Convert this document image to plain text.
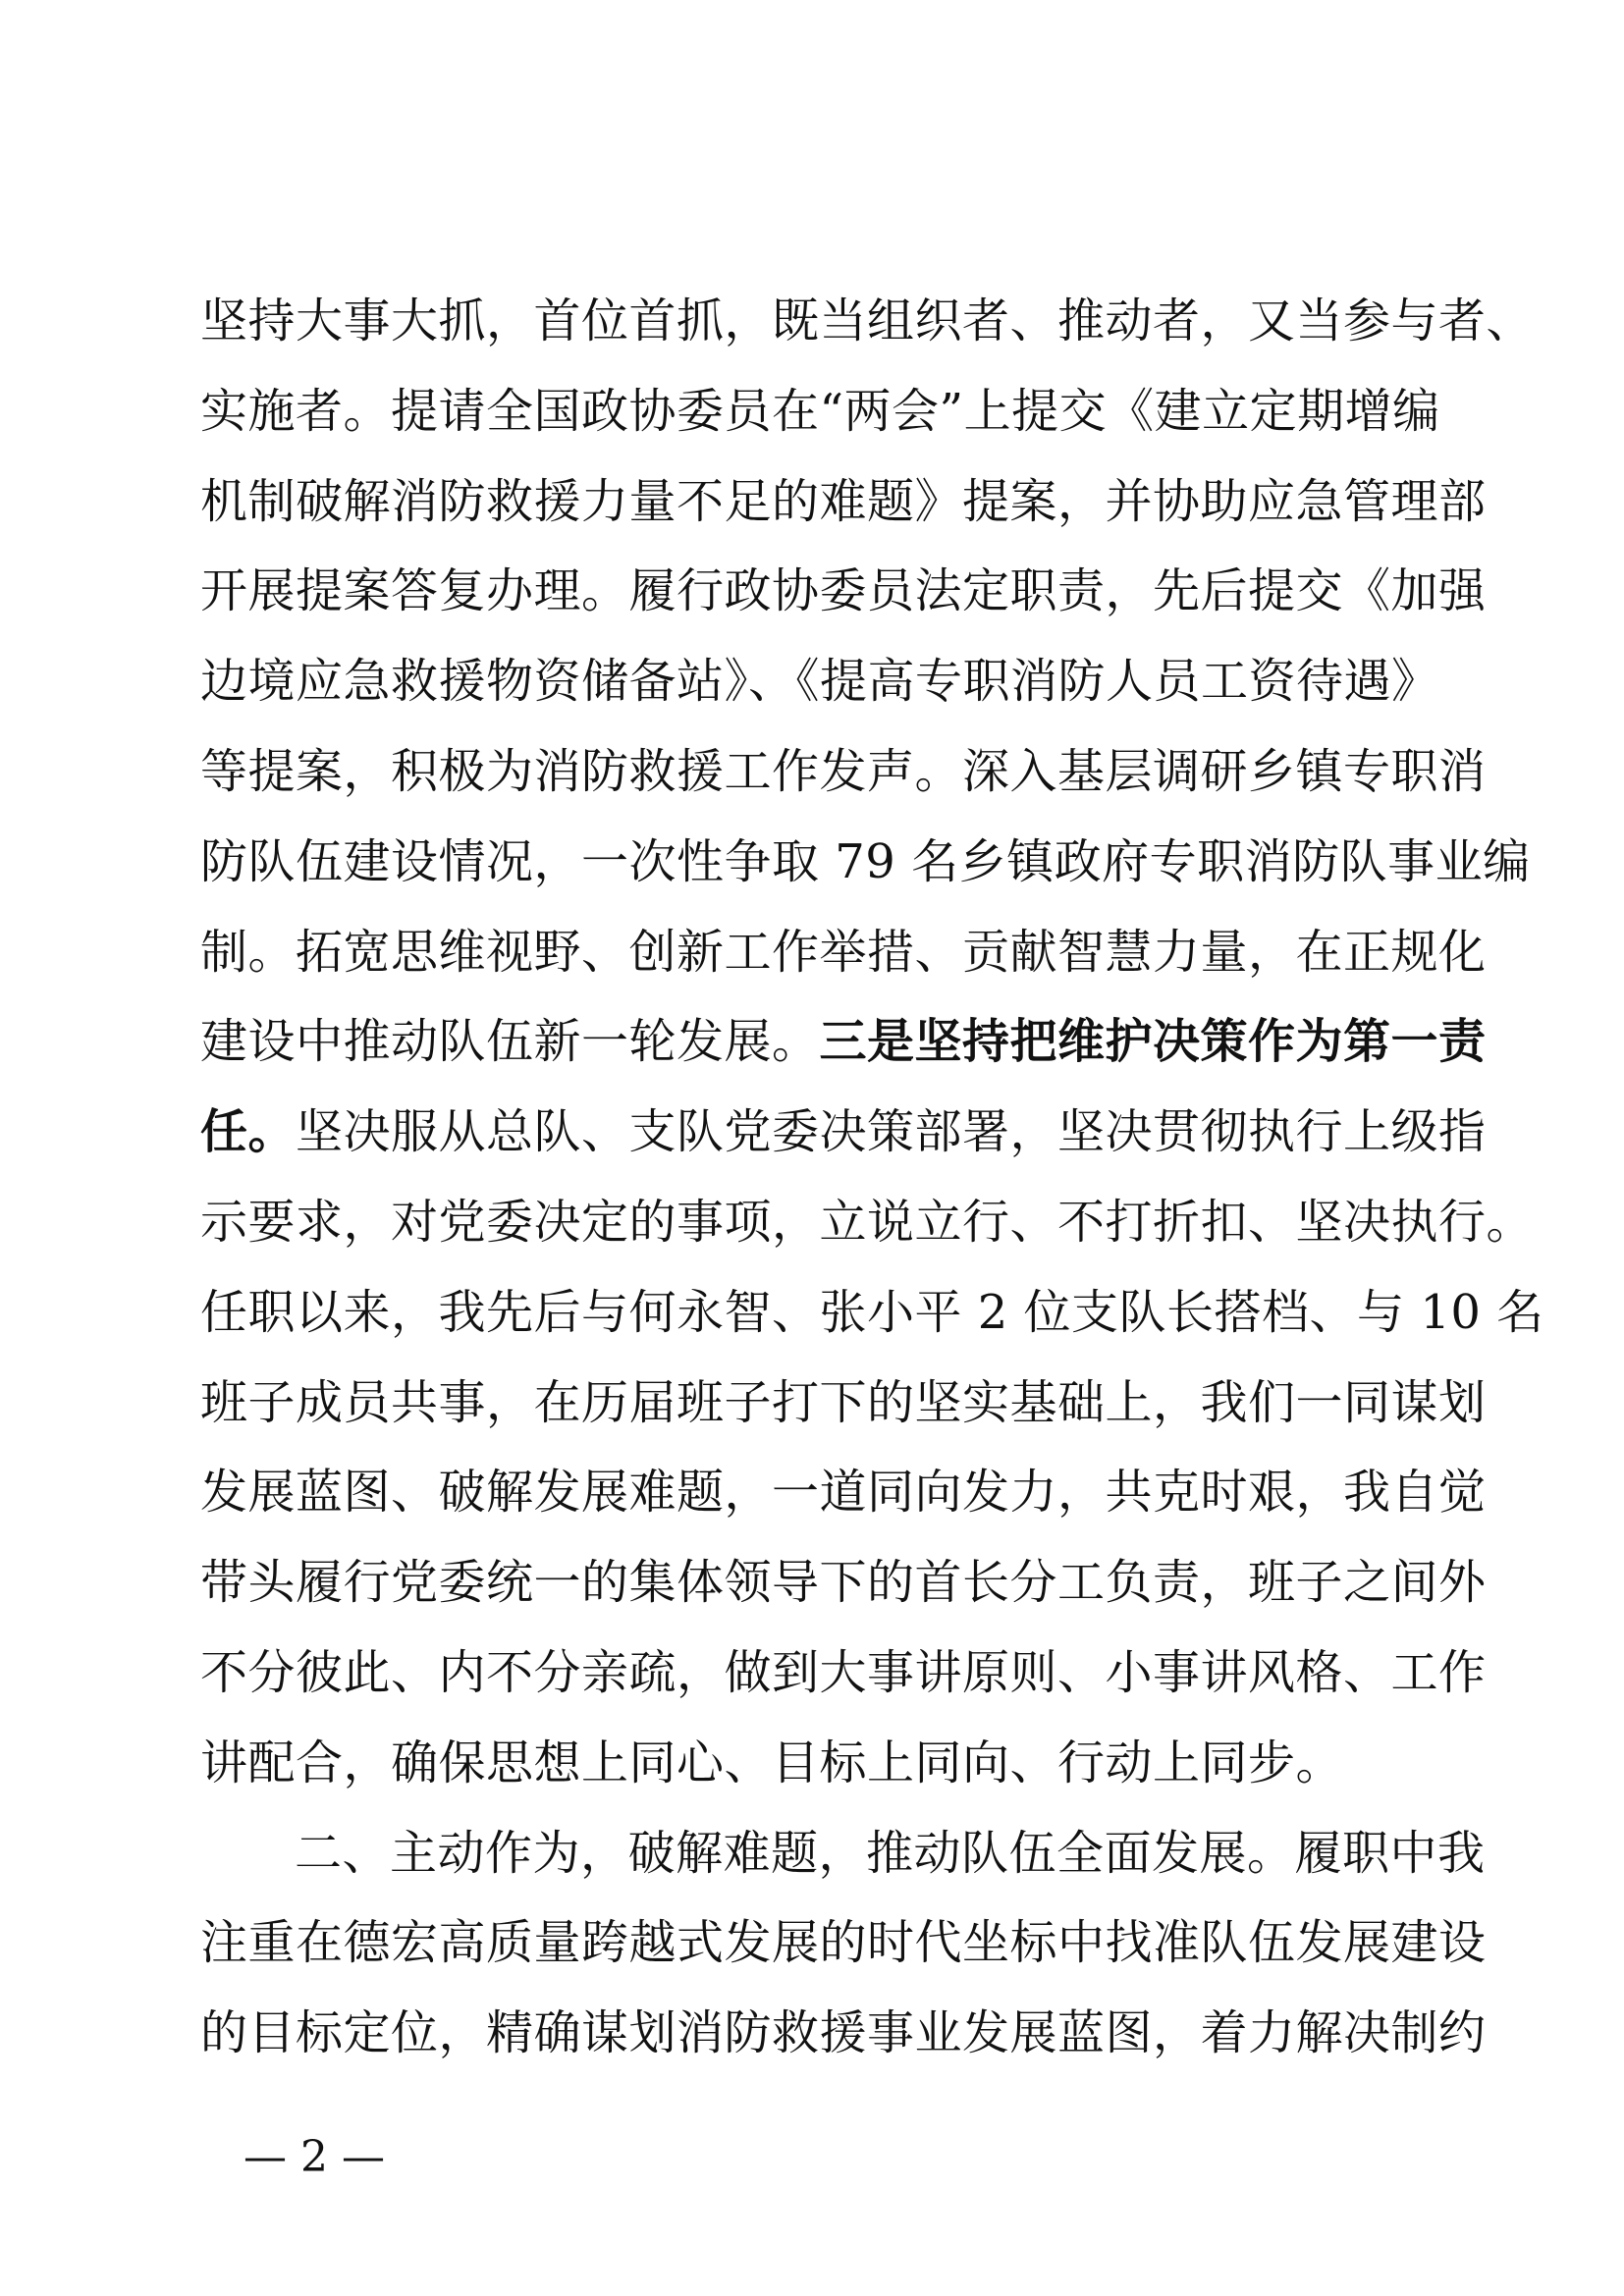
坚持大事大抓，首位首抓，既当组织者、推动者，又当参与者、
实施者。提请全国政协委员在“两会”上提交《建立定期增编
机制破解消防救援力量不足的难题》提案，并协助应急管理部
开展提案答复办理。履行政协委员法定职责，先后提交《加强
边境应急救援物资储备站》、《提高专职消防人员工资待遇》
等提案，积极为消防救援工作发声。深入基层调研乡镇专职消
防队伍建设情况，一次性争取 79 名乡镇政府专职消防队事业编
制。拓宽思维视野、创新工作举措、贡献智慧力量，在正规化
建设中推动队伍新一轮发展。三是坚持把维护决策作为第一责
任。坚决服从总队、支队党委决策部署，坚决贯彻执行上级指
示要求，对党委决定的事项，立说立行、不打折扣、坚决执行。
任职以来，我先后与何永智、张小平 2 位支队长搭档、与 10 名
班子成员共事，在历届班子打下的坚实基础上，我们一同谋划
发展蓝图、破解发展难题，一道同向发力，共克时艰，我自觉
带头履行党委统一的集体领导下的首长分工负责，班子之间外
不分彼此、内不分亲疏，做到大事讲原则、小事讲风格、工作
讲配合，确保思想上同心、目标上同向、行动上同步。
二、主动作为，破解难题，推动队伍全面发展。履职中我
注重在德宏高质量跨越式发展的时代坐标中找准队伍发展建设
的目标定位，精确谋划消防救援事业发展蓝图，着力解决制约
— 2 —
